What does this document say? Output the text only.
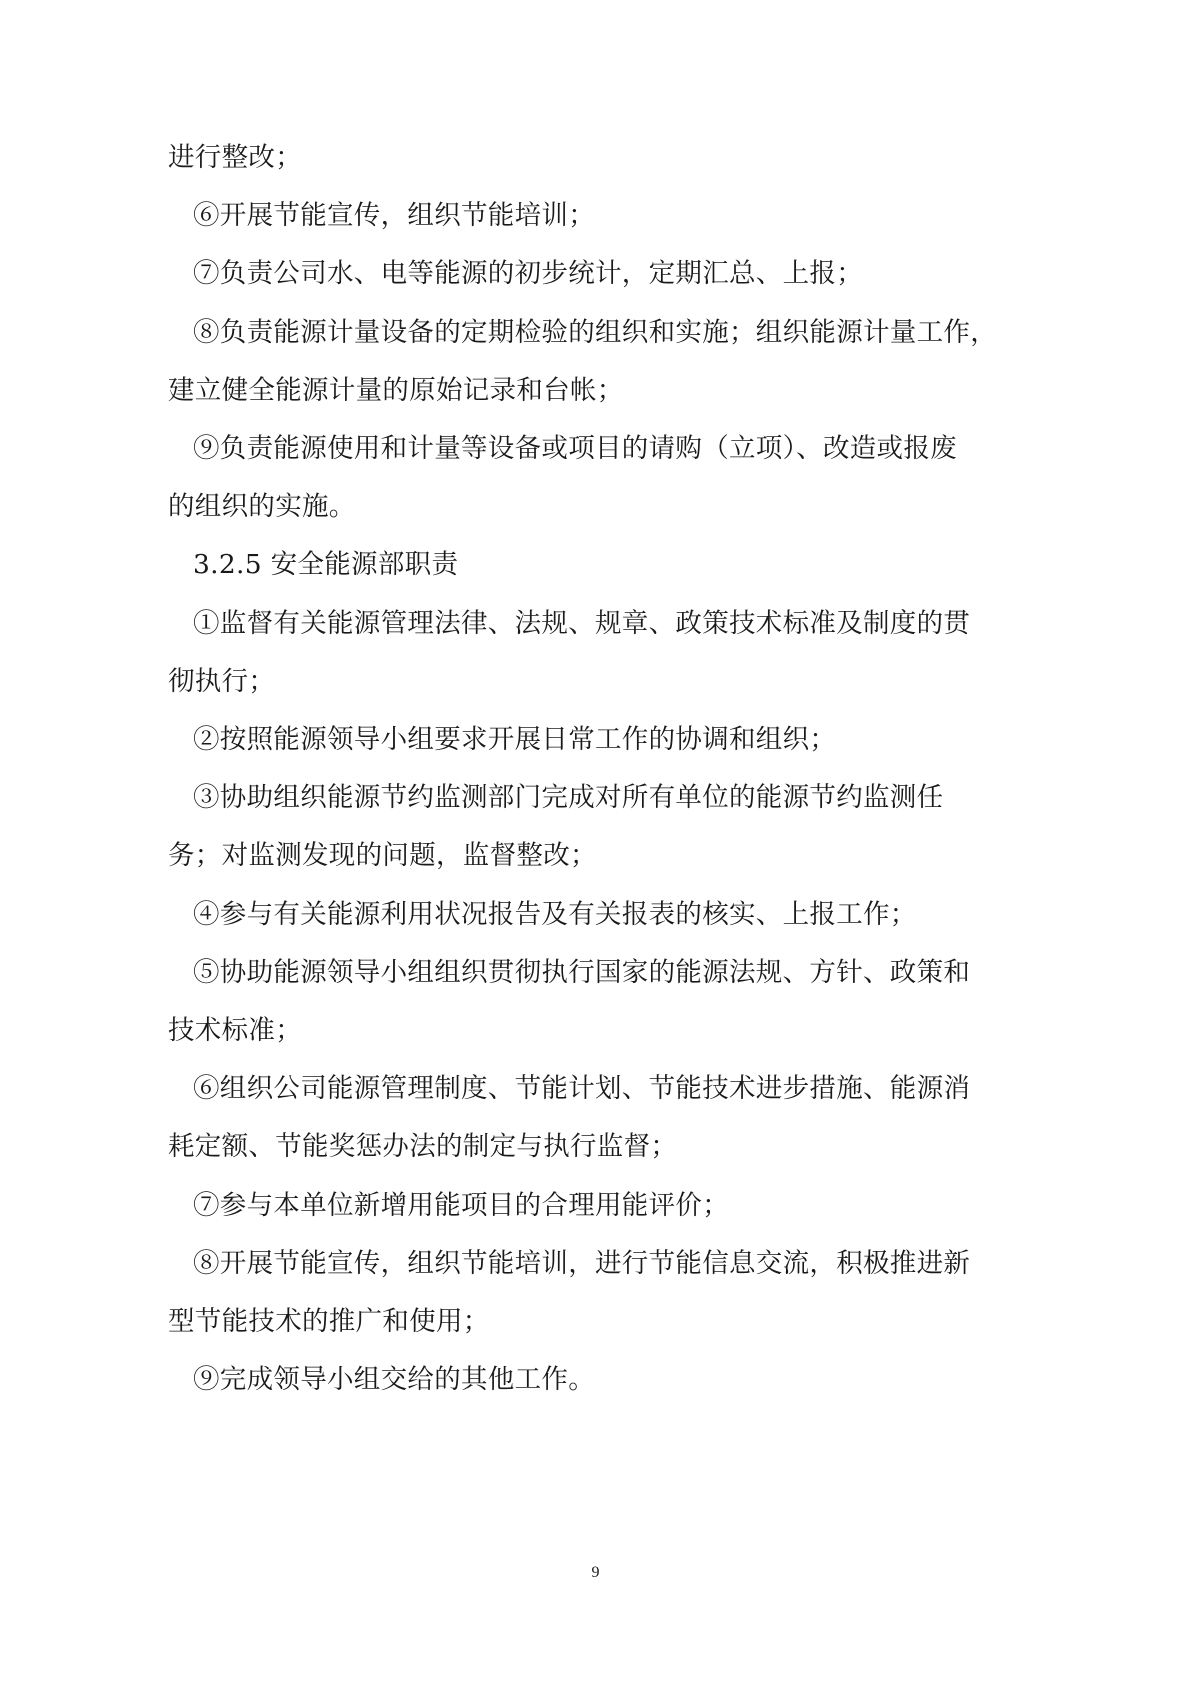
进行整改；
⑥开展节能宣传，组织节能培训；
⑦负责公司水、电等能源的初步统计，定期汇总、上报；
⑧负责能源计量设备的定期检验的组织和实施；组织能源计量工作，
建立健全能源计量的原始记录和台帐；
⑨负责能源使用和计量等设备或项目的请购（立项）、改造或报废
的组织的实施。
3.2.5 安全能源部职责
①监督有关能源管理法律、法规、规章、政策技术标准及制度的贯
彻执行；
②按照能源领导小组要求开展日常工作的协调和组织；
③协助组织能源节约监测部门完成对所有单位的能源节约监测任
务；对监测发现的问题，监督整改；
④参与有关能源利用状况报告及有关报表的核实、上报工作；
⑤协助能源领导小组组织贯彻执行国家的能源法规、方针、政策和
技术标准；
⑥组织公司能源管理制度、节能计划、节能技术进步措施、能源消
耗定额、节能奖惩办法的制定与执行监督；
⑦参与本单位新增用能项目的合理用能评价；
⑧开展节能宣传，组织节能培训，进行节能信息交流，积极推进新
型节能技术的推广和使用；
⑨完成领导小组交给的其他工作。
9
